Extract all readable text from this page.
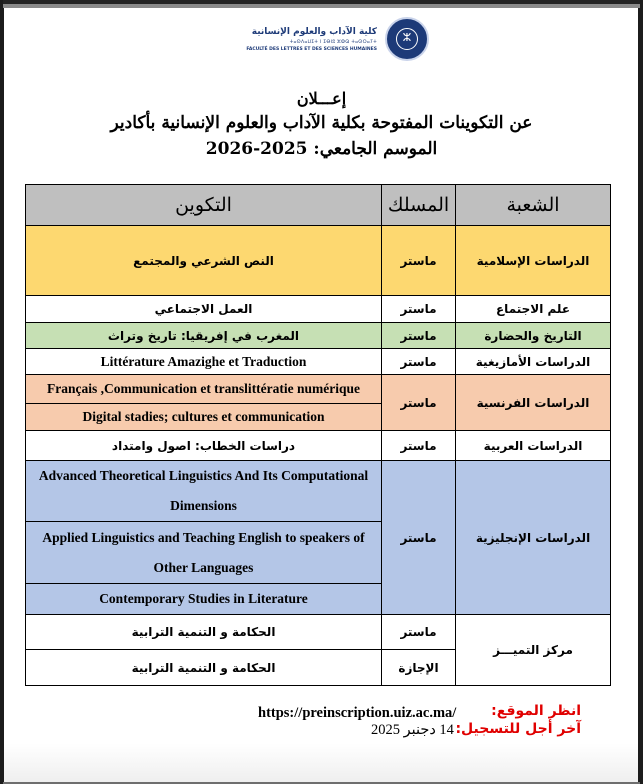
كلية الآداب والعلوم الإنسانية
ⵜⴰⵙⴷⴰⵡⵉⵜ ⵏ ⵉⴱⵏⵓ ⵣⵀⵕ ⵜⴰⵙⵔⴰⵢⵜ
FACULTÉ DES LETTRES ET DES SCIENCES HUMAINES
ⵣ
إعـــلان
عن التكوينات المفتوحة بكلية الآداب والعلوم الإنسانية بأكادير
الموسم الجامعي: 2025-2026
الشعبة	المسلك	التكوين
الدراسات الإسلامية	ماستر	النص الشرعي والمجتمع
علم الاجتماع	ماستر	العمل الاجتماعي
التاريخ والحضارة	ماستر	المغرب في إفريقيا: تاريخ وتراث
الدراسات الأمازيغية	ماستر	Littérature Amazighe et Traduction
الدراسات الفرنسية	ماستر	Français ,Communication et translittératie numérique
		Digital stadies; cultures et communication
الدراسات العربية	ماستر	دراسات الخطاب: اصول وامتداد
الدراسات الإنجليزية	ماستر	Advanced Theoretical Linguistics And Its Computational Dimensions
		Applied Linguistics and Teaching English to speakers of Other Languages
		Contemporary Studies in Literature
مركز التميـــز	ماستر	الحكامة و التنمية الترابية
	الإجازة	الحكامة و التنمية الترابية
انظر الموقع:
https://preinscription.uiz.ac.ma/
آخر أجل للتسجيل:
14 دجنبر 2025
